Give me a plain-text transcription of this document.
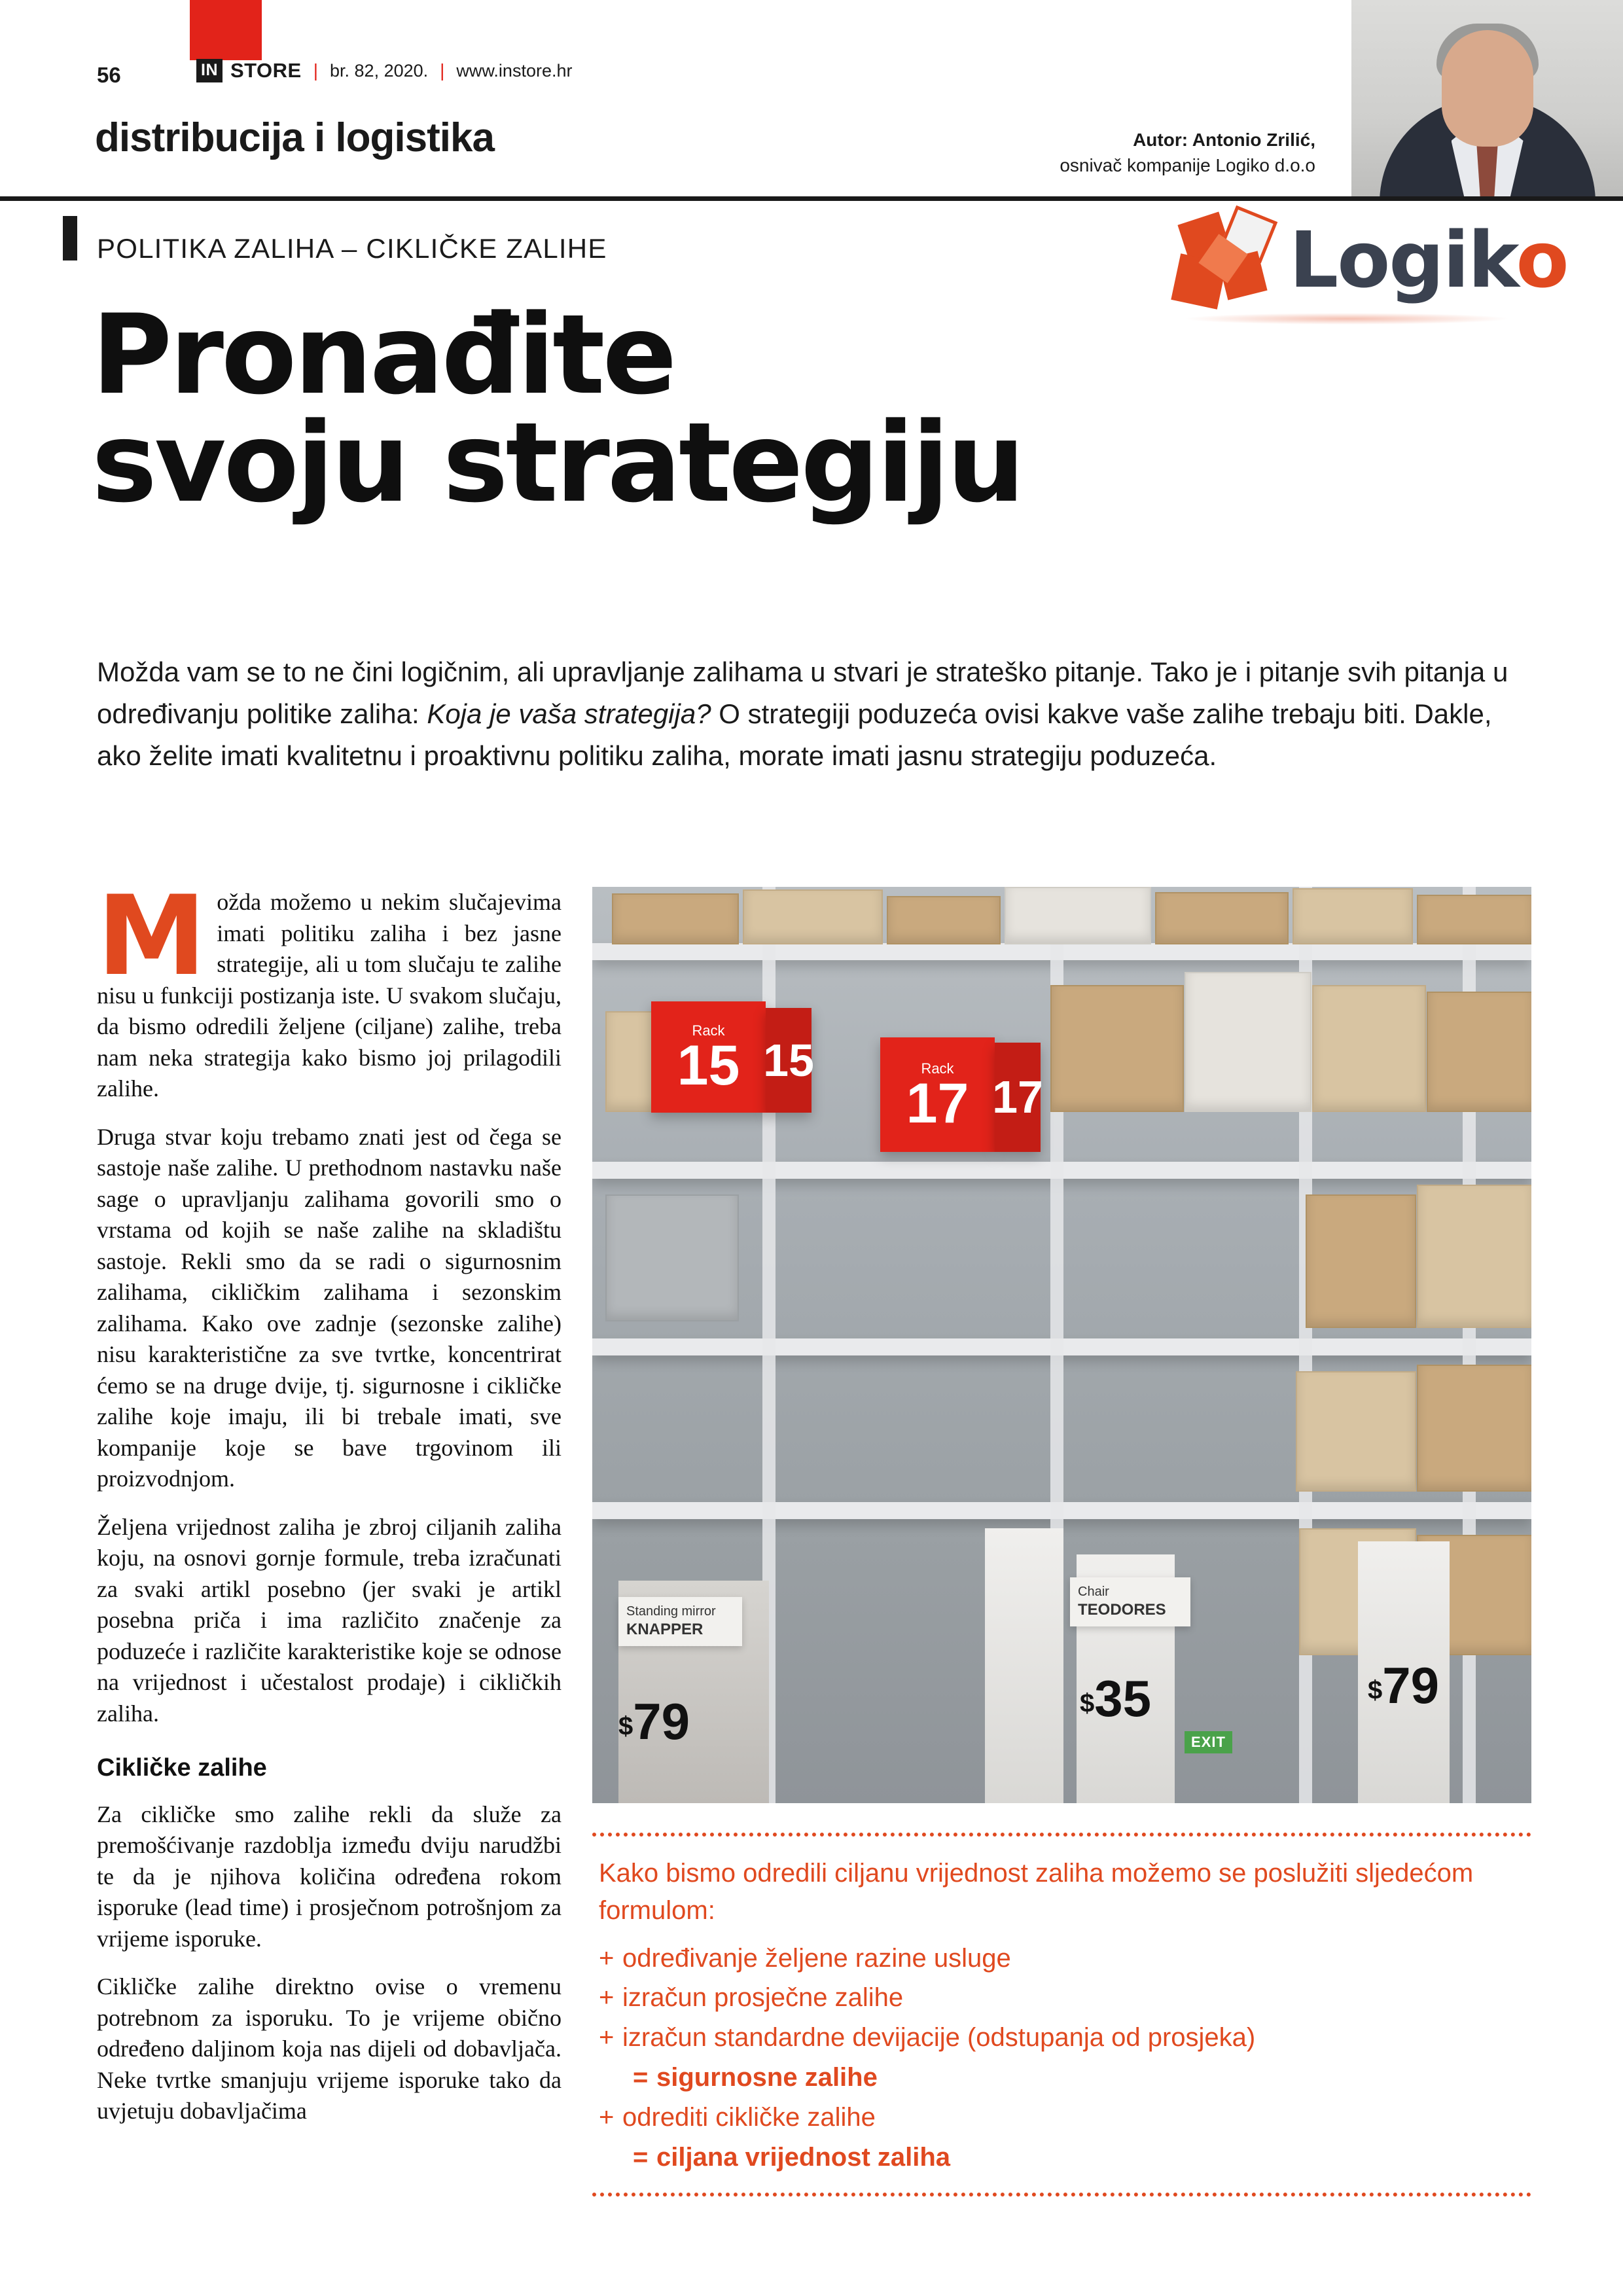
56	IN STORE | br. 82, 2020. | www.instore.hr
distribucija i logistika	Autor: Antonio Zrilić,
osnivač kompanije Logiko d.o.o
POLITIKA ZALIHA – CIKLIČKE ZALIHE	Logiko
Pronađite
svoju strategiju
Možda vam se to ne čini logičnim, ali upravljanje zalihama u stvari je strateško pitanje. Tako je i pitanje svih pitanja u određivanju politike zaliha: Koja je vaša strategija? O strategiji poduzeća ovisi kakve vaše zalihe trebaju biti. Dakle, ako želite imati kvalitetnu i proaktivnu politiku zaliha, morate imati jasnu strategiju poduzeća.

Možda možemo u nekim slučajevima imati politiku zaliha i bez jasne strategije, ali u tom slučaju te zalihe nisu u funkciji postizanja iste. U svakom slučaju, da bismo odredili željene (ciljane) zalihe, treba nam neka strategija kako bismo joj prilagodili zalihe.

Druga stvar koju trebamo znati jest od čega se sastoje naše zalihe. U prethodnom nastavku naše sage o upravljanju zalihama govorili smo o vrstama od kojih se naše zalihe na skladištu sastoje. Rekli smo da se radi o sigurnosnim zalihama, cikličkim zalihama i sezonskim zalihama. Kako ove zadnje (sezonske zalihe) nisu karakteristične za sve tvrtke, koncentrirat ćemo se na druge dvije, tj. sigurnosne i cikličke zalihe koje imaju, ili bi trebale imati, sve kompanije koje se bave trgovinom ili proizvodnjom.

Željena vrijednost zaliha je zbroj ciljanih zaliha koju, na osnovi gornje formule, treba izračunati za svaki artikl posebno (jer svaki je artikl posebna priča i ima različito značenje za poduzeće i različite karakteristike koje se odnose na vrijednost i učestalost prodaje) i cikličkih zaliha.

Cikličke zalihe

Za cikličke smo zalihe rekli da služe za premošćivanje razdoblja između dviju narudžbi te da je njihova količina određena rokom isporuke (lead time) i prosječnom potrošnjom za vrijeme isporuke.

Cikličke zalihe direktno ovise o vremenu potrebnom za isporuku. To je vrijeme obično određeno daljinom koja nas dijeli od dobavljača. Neke tvrtke smanjuju vrijeme isporuke tako da uvjetuju dobavljačima

Rack
15 15	Rack
17 17
Standing mirror
KNAPPER
Chair
TEODORES
$79	$35	$79
EXIT
Kako bismo odredili ciljanu vrijednost zaliha možemo se poslužiti sljedećom formulom:
+ određivanje željene razine usluge
+ izračun prosječne zalihe
+ izračun standardne devijacije (odstupanja od prosjeka)
= sigurnosne zalihe
+ odrediti cikličke zalihe
= ciljana vrijednost zaliha
